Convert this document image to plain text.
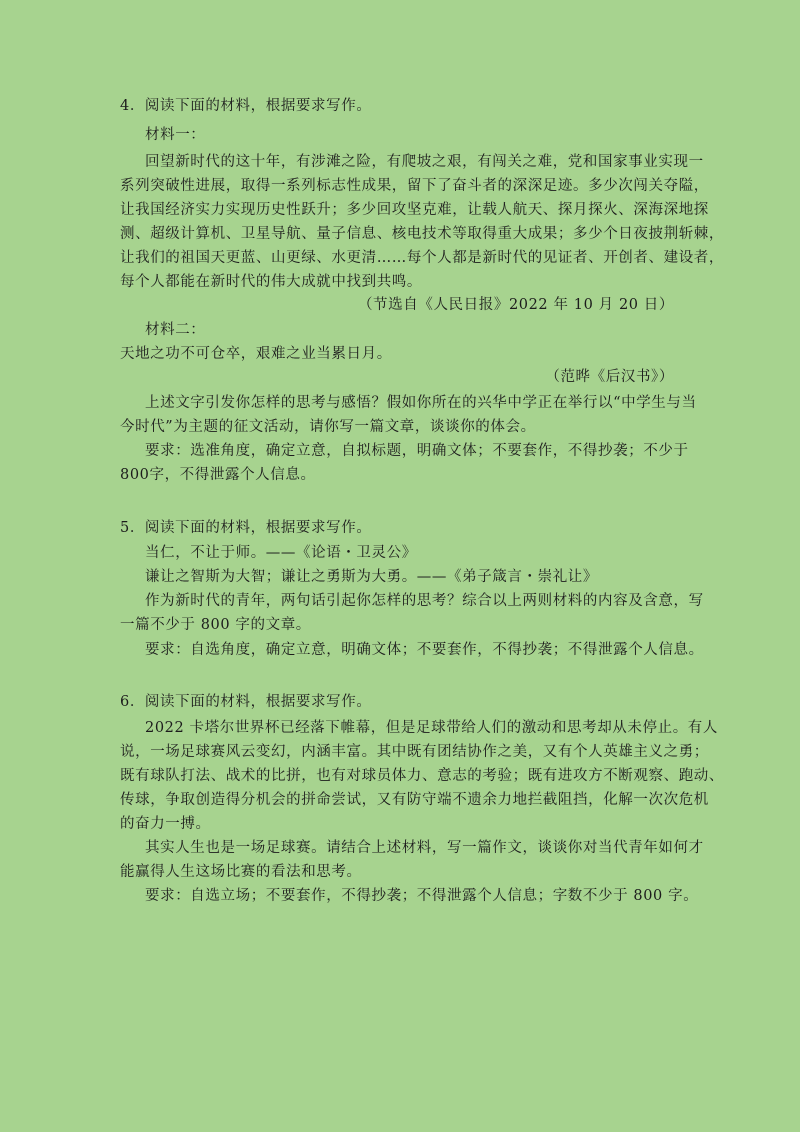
4．阅读下面的材料，根据要求写作。
材料一：
回望新时代的这十年，有涉滩之险，有爬坡之艰，有闯关之难，党和国家事业实现一
系列突破性进展，取得一系列标志性成果，留下了奋斗者的深深足迹。多少次闯关夺隘，
让我国经济实力实现历史性跃升；多少回攻坚克难，让载人航天、探月探火、深海深地探
测、超级计算机、卫星导航、量子信息、核电技术等取得重大成果；多少个日夜披荆斩棘，
让我们的祖国天更蓝、山更绿、水更清……每个人都是新时代的见证者、开创者、建设者，
每个人都能在新时代的伟大成就中找到共鸣。
（节选自《人民日报》2022 年 10 月 20 日）
材料二：
天地之功不可仓卒，艰难之业当累日月。
（范晔《后汉书》）
上述文字引发你怎样的思考与感悟？假如你所在的兴华中学正在举行以“中学生与当
今时代”为主题的征文活动，请你写一篇文章，谈谈你的体会。
要求：选准角度，确定立意，自拟标题，明确文体；不要套作，不得抄袭；不少于
800字，不得泄露个人信息。
5．阅读下面的材料，根据要求写作。
当仁，不让于师。——《论语・卫灵公》
谦让之智斯为大智；谦让之勇斯为大勇。——《弟子箴言・崇礼让》
作为新时代的青年，两句话引起你怎样的思考？综合以上两则材料的内容及含意，写
一篇不少于 800 字的文章。
要求：自选角度，确定立意，明确文体；不要套作，不得抄袭；不得泄露个人信息。
6．阅读下面的材料，根据要求写作。
2022 卡塔尔世界杯已经落下帷幕，但是足球带给人们的激动和思考却从未停止。有人
说，一场足球赛风云变幻，内涵丰富。其中既有团结协作之美，又有个人英雄主义之勇；
既有球队打法、战术的比拼，也有对球员体力、意志的考验；既有进攻方不断观察、跑动、
传球，争取创造得分机会的拼命尝试，又有防守端不遗余力地拦截阻挡，化解一次次危机
的奋力一搏。
其实人生也是一场足球赛。请结合上述材料，写一篇作文，谈谈你对当代青年如何才
能赢得人生这场比赛的看法和思考。
要求：自选立场；不要套作，不得抄袭；不得泄露个人信息；字数不少于 800 字。
